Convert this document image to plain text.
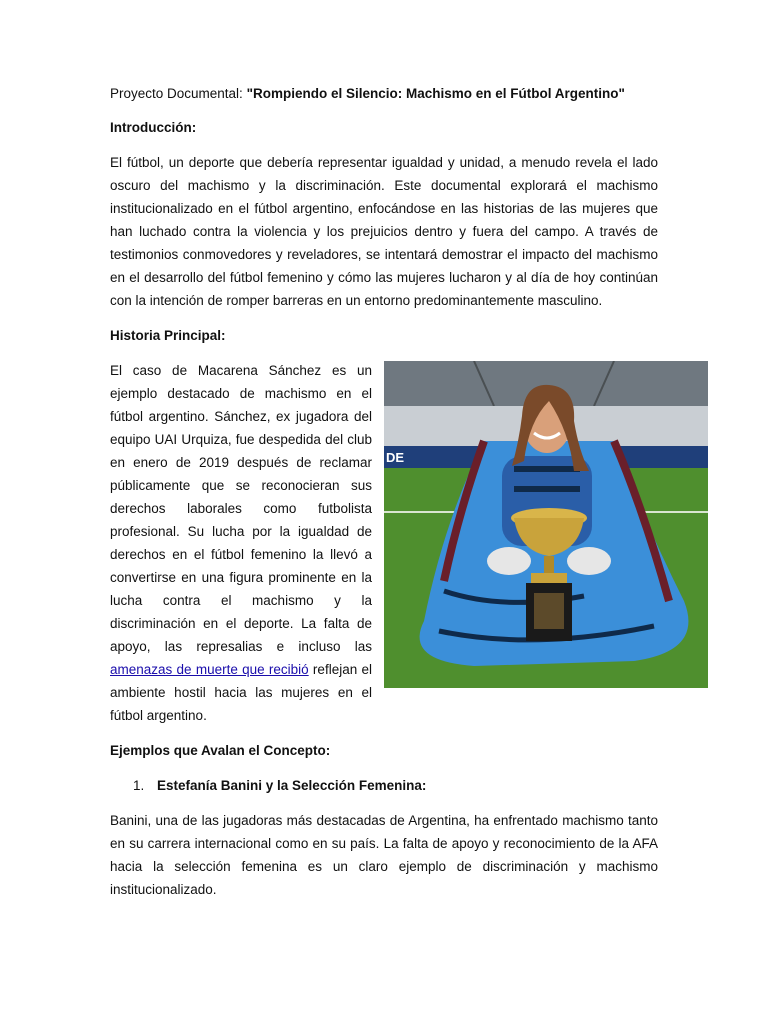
Proyecto Documental: "Rompiendo el Silencio: Machismo en el Fútbol Argentino"

Introducción:

El fútbol, un deporte que debería representar igualdad y unidad, a menudo revela el lado oscuro del machismo y la discriminación. Este documental explorará el machismo institucionalizado en el fútbol argentino, enfocándose en las historias de las mujeres que han luchado contra la violencia y los prejuicios dentro y fuera del campo. A través de testimonios conmovedores y reveladores, se intentará demostrar el impacto del machismo en el desarrollo del fútbol femenino y cómo las mujeres lucharon y al día de hoy continúan con la intención de romper barreras en un entorno predominantemente masculino.

Historia Principal:

DE
El caso de Macarena Sánchez es un ejemplo destacado de machismo en el fútbol argentino. Sánchez, ex jugadora del equipo UAI Urquiza, fue despedida del club en enero de 2019 después de reclamar públicamente que se reconocieran sus derechos laborales como futbolista profesional. Su lucha por la igualdad de derechos en el fútbol femenino la llevó a convertirse en una figura prominente en la lucha contra el machismo y la discriminación en el deporte. La falta de apoyo, las represalias e incluso las amenazas de muerte que recibió reflejan el ambiente hostil hacia las mujeres en el fútbol argentino.

Ejemplos que Avalan el Concepto:

1. Estefanía Banini y la Selección Femenina:

Banini, una de las jugadoras más destacadas de Argentina, ha enfrentado machismo tanto en su carrera internacional como en su país. La falta de apoyo y reconocimiento de la AFA hacia la selección femenina es un claro ejemplo de discriminación y machismo institucionalizado.
